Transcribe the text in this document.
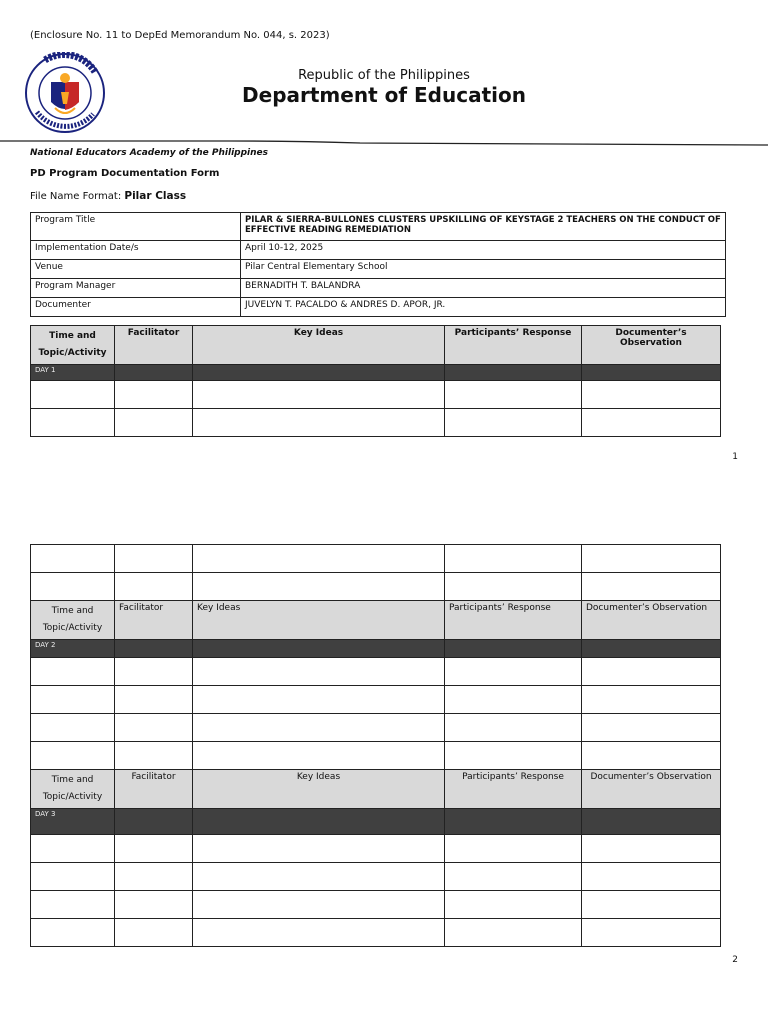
(Enclosure No. 11 to DepEd Memorandum No. 044, s. 2023)
Republic of the Philippines
Department of Education
National Educators Academy of the Philippines
PD Program Documentation Form
File Name Format: Pilar Class
Program Title	PILAR & SIERRA-BULLONES CLUSTERS UPSKILLING OF KEYSTAGE 2 TEACHERS ON THE CONDUCT OF EFFECTIVE READING REMEDIATION
Implementation Date/s	April 10-12, 2025
Venue	Pilar Central Elementary School
Program Manager	BERNADITH T. BALANDRA
Documenter	JUVELYN T. PACALDO & ANDRES D. APOR, JR.
Time and Topic/Activity	Facilitator	Key Ideas	Participants’ Response	Documenter’s Observation
DAY 1				

1

Time and Topic/Activity	Facilitator	Key Ideas	Participants’ Response	Documenter’s Observation
DAY 2				

Time and Topic/Activity	Facilitator	Key Ideas	Participants’ Response	Documenter’s Observation
DAY 3				

2
